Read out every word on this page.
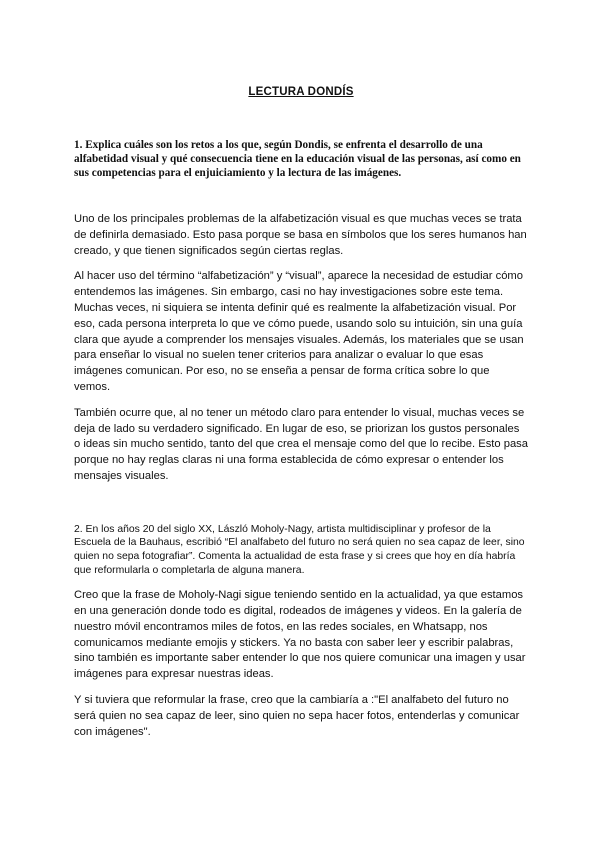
LECTURA DONDÍS

1. Explica cuáles son los retos a los que, según Dondis, se enfrenta el desarrollo de una alfabetidad visual y qué consecuencia tiene en la educación visual de las personas, así como en sus competencias para el enjuiciamiento y la lectura de las imágenes.

Uno de los principales problemas de la alfabetización visual es que muchas veces se trata de definirla demasiado. Esto pasa porque se basa en símbolos que los seres humanos han creado, y que tienen significados según ciertas reglas.

Al hacer uso del término “alfabetización” y “visual”, aparece la necesidad de estudiar cómo entendemos las imágenes. Sin embargo, casi no hay investigaciones sobre este tema. Muchas veces, ni siquiera se intenta definir qué es realmente la alfabetización visual. Por eso, cada persona interpreta lo que ve cómo puede, usando solo su intuición, sin una guía clara que ayude a comprender los mensajes visuales. Además, los materiales que se usan para enseñar lo visual no suelen tener criterios para analizar o evaluar lo que esas imágenes comunican. Por eso, no se enseña a pensar de forma crítica sobre lo que vemos.

También ocurre que, al no tener un método claro para entender lo visual, muchas veces se deja de lado su verdadero significado. En lugar de eso, se priorizan los gustos personales o ideas sin mucho sentido, tanto del que crea el mensaje como del que lo recibe. Esto pasa porque no hay reglas claras ni una forma establecida de cómo expresar o entender los mensajes visuales.

2. En los años 20 del siglo XX, László Moholy-Nagy, artista multidisciplinar y profesor de la Escuela de la Bauhaus, escribió “El analfabeto del futuro no será quien no sea capaz de leer, sino quien no sepa fotografiar”. Comenta la actualidad de esta frase y si crees que hoy en día habría que reformularla o completarla de alguna manera.

Creo que la frase de Moholy-Nagi sigue teniendo sentido en la actualidad, ya que estamos en una generación donde todo es digital, rodeados de imágenes y videos. En la galería de nuestro móvil encontramos miles de fotos, en las redes sociales, en Whatsapp, nos comunicamos mediante emojis y stickers. Ya no basta con saber leer y escribir palabras, sino también es importante saber entender lo que nos quiere comunicar una imagen y usar imágenes para expresar nuestras ideas.

Y si tuviera que reformular la frase, creo que la cambiaría a :"El analfabeto del futuro no será quien no sea capaz de leer, sino quien no sepa hacer fotos, entenderlas y comunicar con imágenes".
